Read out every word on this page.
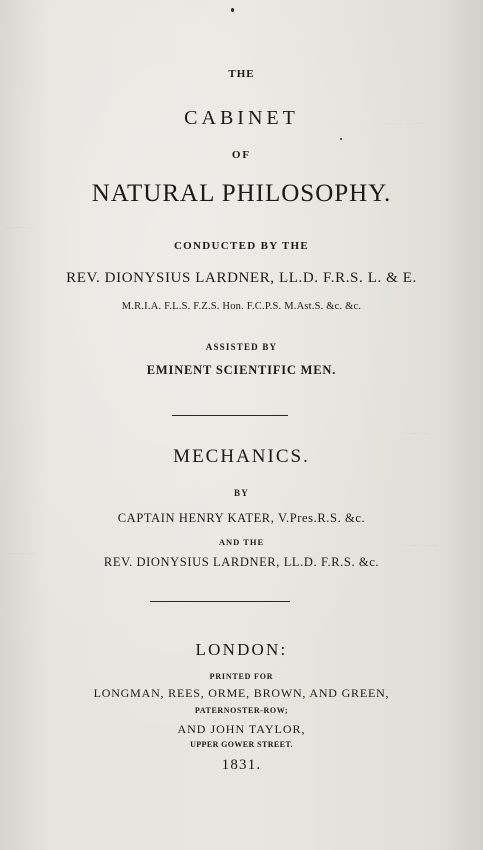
— — — —
— — —
— — —
— — — —
— — —
THE
CABINET
OF
NATURAL PHILOSOPHY.
CONDUCTED BY THE
REV. DIONYSIUS LARDNER, LL.D. F.R.S. L. & E.
M.R.I.A. F.L.S. F.Z.S. Hon. F.C.P.S. M.Ast.S. &c. &c.
ASSISTED BY
EMINENT SCIENTIFIC MEN.
MECHANICS.
BY
CAPTAIN HENRY KATER, V.Pres.R.S. &c.
AND THE
REV. DIONYSIUS LARDNER, LL.D. F.R.S. &c.
LONDON:
PRINTED FOR
LONGMAN, REES, ORME, BROWN, AND GREEN,
PATERNOSTER-ROW;
AND JOHN TAYLOR,
UPPER GOWER STREET.
1831.
